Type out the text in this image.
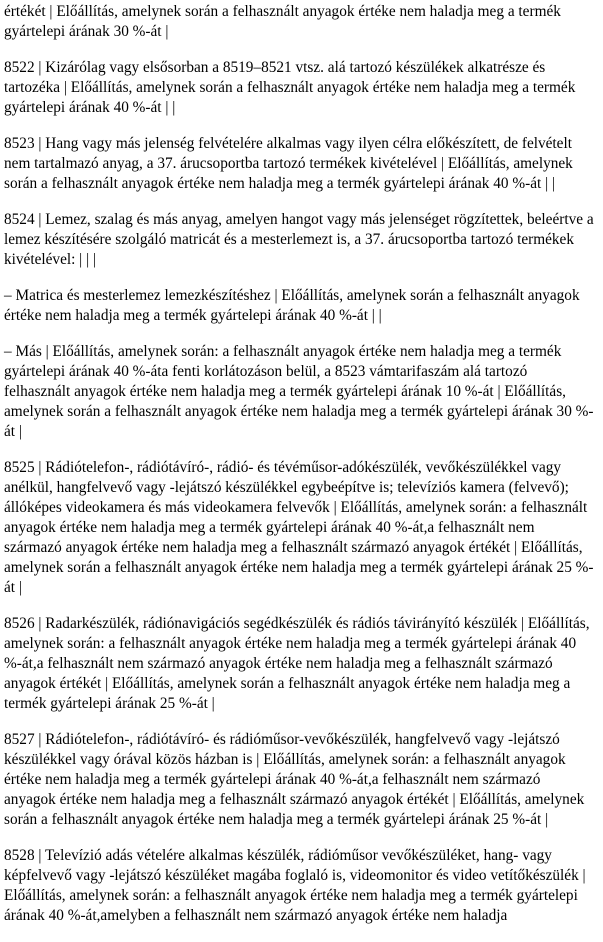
értékét | Előállítás, amelynek során a felhasznált anyagok értéke nem haladja meg a termék gyártelepi árának 30 %-át |

8522 | Kizárólag vagy elsősorban a 8519–8521 vtsz. alá tartozó készülékek alkatrésze és tartozéka | Előállítás, amelynek során a felhasznált anyagok értéke nem haladja meg a termék gyártelepi árának 40 %-át | |

8523 | Hang vagy más jelenség felvételére alkalmas vagy ilyen célra előkészített, de felvételt nem tartalmazó anyag, a 37. árucsoportba tartozó termékek kivételével | Előállítás, amelynek során a felhasznált anyagok értéke nem haladja meg a termék gyártelepi árának 40 %-át | |

8524 | Lemez, szalag és más anyag, amelyen hangot vagy más jelenséget rögzítettek, beleértve a lemez készítésére szolgáló matricát és a mesterlemezt is, a 37. árucsoportba tartozó termékek kivételével: | | |

– Matrica és mesterlemez lemezkészítéshez | Előállítás, amelynek során a felhasznált anyagok értéke nem haladja meg a termék gyártelepi árának 40 %-át | |

– Más | Előállítás, amelynek során: a felhasznált anyagok értéke nem haladja meg a termék gyártelepi árának 40 %-áta fenti korlátozáson belül, a 8523 vámtarifaszám alá tartozó felhasznált anyagok értéke nem haladja meg a termék gyártelepi árának 10 %-át | Előállítás, amelynek során a felhasznált anyagok értéke nem haladja meg a termék gyártelepi árának 30 %-át |

8525 | Rádiótelefon-, rádiótávíró-, rádió- és tévéműsor-adókészülék, vevőkészülékkel vagy anélkül, hangfelvevő vagy -lejátszó készülékkel egybeépítve is; televíziós kamera (felvevő); állóképes videokamera és más videokamera felvevők | Előállítás, amelynek során: a felhasznált anyagok értéke nem haladja meg a termék gyártelepi árának 40 %-át,a felhasznált nem származó anyagok értéke nem haladja meg a felhasznált származó anyagok értékét | Előállítás, amelynek során a felhasznált anyagok értéke nem haladja meg a termék gyártelepi árának 25 %-át |

8526 | Radarkészülék, rádiónavigációs segédkészülék és rádiós távirányító készülék | Előállítás, amelynek során: a felhasznált anyagok értéke nem haladja meg a termék gyártelepi árának 40 %-át,a felhasznált nem származó anyagok értéke nem haladja meg a felhasznált származó anyagok értékét | Előállítás, amelynek során a felhasznált anyagok értéke nem haladja meg a termék gyártelepi árának 25 %-át |

8527 | Rádiótelefon-, rádiótávíró- és rádióműsor-vevőkészülék, hangfelvevő vagy -lejátszó készülékkel vagy órával közös házban is | Előállítás, amelynek során: a felhasznált anyagok értéke nem haladja meg a termék gyártelepi árának 40 %-át,a felhasznált nem származó anyagok értéke nem haladja meg a felhasznált származó anyagok értékét | Előállítás, amelynek során a felhasznált anyagok értéke nem haladja meg a termék gyártelepi árának 25 %-át |

8528 | Televízió adás vételére alkalmas készülék, rádióműsor vevőkészüléket, hang- vagy képfelvevő vagy -lejátszó készüléket magába foglaló is, videomonitor és video vetítőkészülék | Előállítás, amelynek során: a felhasznált anyagok értéke nem haladja meg a termék gyártelepi árának 40 %-át,amelyben a felhasznált nem származó anyagok értéke nem haladja
